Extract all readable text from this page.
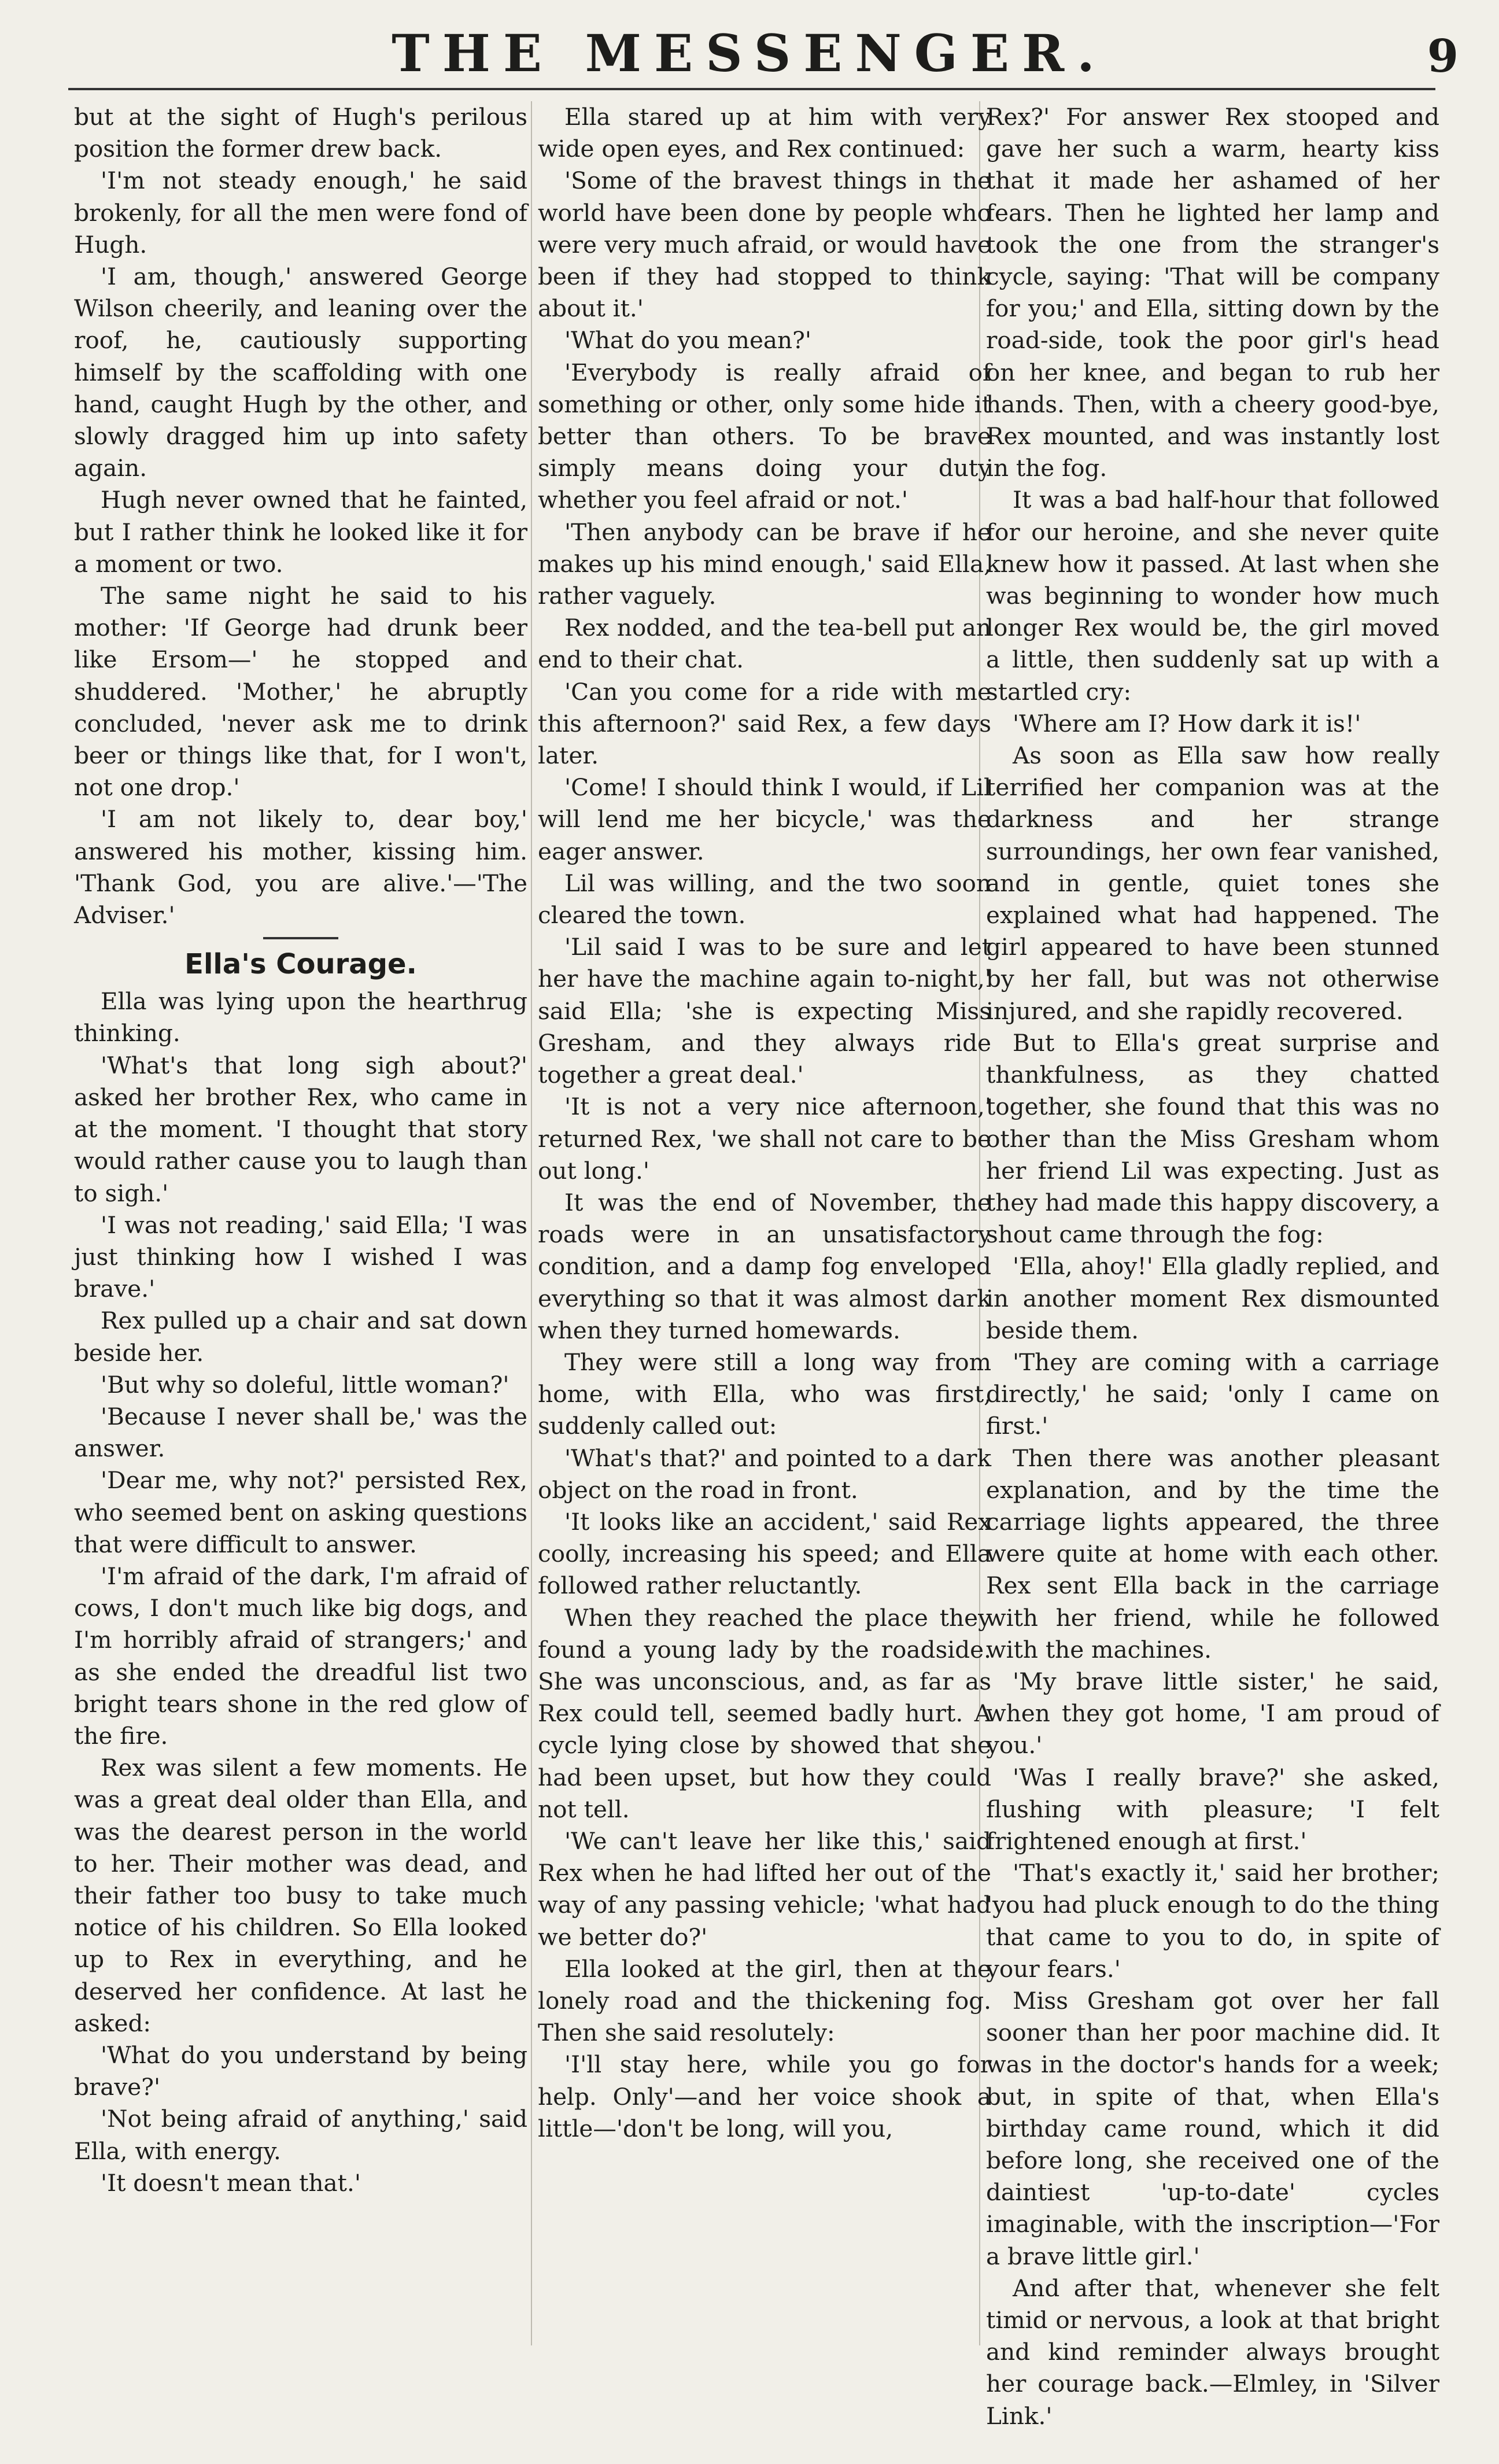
THE MESSENGER.	9

but at the sight of Hugh's perilous position the former drew back.

'I'm not steady enough,' he said brokenly, for all the men were fond of Hugh.

'I am, though,' answered George Wilson cheerily, and leaning over the roof, he, cautiously supporting himself by the scaffolding with one hand, caught Hugh by the other, and slowly dragged him up into safety again.

Hugh never owned that he fainted, but I rather think he looked like it for a moment or two.

The same night he said to his mother: 'If George had drunk beer like Ersom—' he stopped and shuddered. 'Mother,' he abruptly concluded, 'never ask me to drink beer or things like that, for I won't, not one drop.'

'I am not likely to, dear boy,' answered his mother, kissing him. 'Thank God, you are alive.'—'The Adviser.'

Ella's Courage.

Ella was lying upon the hearthrug thinking.

'What's that long sigh about?' asked her brother Rex, who came in at the moment. 'I thought that story would rather cause you to laugh than to sigh.'

'I was not reading,' said Ella; 'I was just thinking how I wished I was brave.'

Rex pulled up a chair and sat down beside her.

'But why so doleful, little woman?'

'Because I never shall be,' was the answer.

'Dear me, why not?' persisted Rex, who seemed bent on asking questions that were difficult to answer.

'I'm afraid of the dark, I'm afraid of cows, I don't much like big dogs, and I'm horribly afraid of strangers;' and as she ended the dreadful list two bright tears shone in the red glow of the fire.

Rex was silent a few moments. He was a great deal older than Ella, and was the dearest person in the world to her. Their mother was dead, and their father too busy to take much notice of his children. So Ella looked up to Rex in everything, and he deserved her confidence. At last he asked:

'What do you understand by being brave?'

'Not being afraid of anything,' said Ella, with energy.

'It doesn't mean that.'

Ella stared up at him with very wide open eyes, and Rex continued:

'Some of the bravest things in the world have been done by people who were very much afraid, or would have been if they had stopped to think about it.'

'What do you mean?'

'Everybody is really afraid of something or other, only some hide it better than others. To be brave simply means doing your duty whether you feel afraid or not.'

'Then anybody can be brave if he makes up his mind enough,' said Ella, rather vaguely.

Rex nodded, and the tea-bell put an end to their chat.

'Can you come for a ride with me this afternoon?' said Rex, a few days later.

'Come! I should think I would, if Lil will lend me her bicycle,' was the eager answer.

Lil was willing, and the two soon cleared the town.

'Lil said I was to be sure and let her have the machine again to-night,' said Ella; 'she is expecting Miss Gresham, and they always ride together a great deal.'

'It is not a very nice afternoon,' returned Rex, 'we shall not care to be out long.'

It was the end of November, the roads were in an unsatisfactory condition, and a damp fog enveloped everything so that it was almost dark when they turned homewards.

They were still a long way from home, with Ella, who was first, suddenly called out:

'What's that?' and pointed to a dark object on the road in front.

'It looks like an accident,' said Rex coolly, increasing his speed; and Ella followed rather reluctantly.

When they reached the place they found a young lady by the roadside. She was unconscious, and, as far as Rex could tell, seemed badly hurt. A cycle lying close by showed that she had been upset, but how they could not tell.

'We can't leave her like this,' said Rex when he had lifted her out of the way of any passing vehicle; 'what had we better do?'

Ella looked at the girl, then at the lonely road and the thickening fog. Then she said resolutely:

'I'll stay here, while you go for help. Only'—and her voice shook a little—'don't be long, will you,

Rex?' For answer Rex stooped and gave her such a warm, hearty kiss that it made her ashamed of her fears. Then he lighted her lamp and took the one from the stranger's cycle, saying: 'That will be company for you;' and Ella, sitting down by the road-side, took the poor girl's head on her knee, and began to rub her hands. Then, with a cheery good-bye, Rex mounted, and was instantly lost in the fog.

It was a bad half-hour that followed for our heroine, and she never quite knew how it passed. At last when she was beginning to wonder how much longer Rex would be, the girl moved a little, then suddenly sat up with a startled cry:

'Where am I? How dark it is!'

As soon as Ella saw how really terrified her companion was at the darkness and her strange surroundings, her own fear vanished, and in gentle, quiet tones she explained what had happened. The girl appeared to have been stunned by her fall, but was not otherwise injured, and she rapidly recovered.

But to Ella's great surprise and thankfulness, as they chatted together, she found that this was no other than the Miss Gresham whom her friend Lil was expecting. Just as they had made this happy discovery, a shout came through the fog:

'Ella, ahoy!' Ella gladly replied, and in another moment Rex dismounted beside them.

'They are coming with a carriage directly,' he said; 'only I came on first.'

Then there was another pleasant explanation, and by the time the carriage lights appeared, the three were quite at home with each other. Rex sent Ella back in the carriage with her friend, while he followed with the machines.

'My brave little sister,' he said, when they got home, 'I am proud of you.'

'Was I really brave?' she asked, flushing with pleasure; 'I felt frightened enough at first.'

'That's exactly it,' said her brother; 'you had pluck enough to do the thing that came to you to do, in spite of your fears.'

Miss Gresham got over her fall sooner than her poor machine did. It was in the doctor's hands for a week; but, in spite of that, when Ella's birthday came round, which it did before long, she received one of the daintiest 'up-to-date' cycles imaginable, with the inscription—'For a brave little girl.'

And after that, whenever she felt timid or nervous, a look at that bright and kind reminder always brought her courage back.—Elmley, in 'Silver Link.'
